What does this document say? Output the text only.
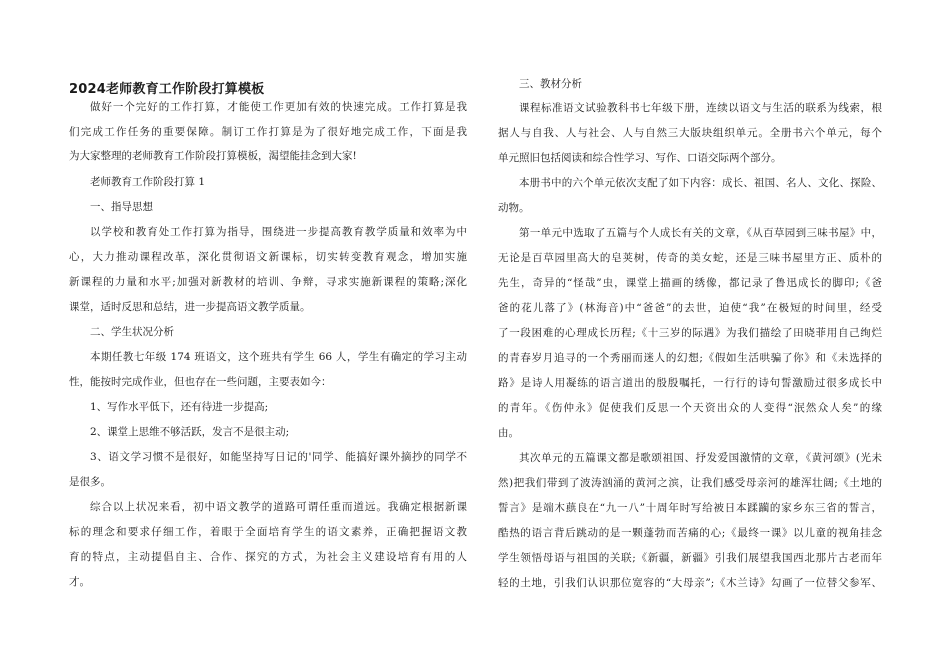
2024老师教育工作阶段打算模板
做好一个完好的工作打算，才能使工作更加有效的快速完成。工作打算是我
们完成工作任务的重要保障。制订工作打算是为了很好地完成工作，下面是我
为大家整理的老师教育工作阶段打算模板，渴望能挂念到大家!
老师教育工作阶段打算 1
一、指导思想
以学校和教育处工作打算为指导，围绕进一步提高教育教学质量和效率为中
心，大力推动课程改革，深化贯彻语文新课标，切实转变教育观念，增加实施
新课程的力量和水平;加强对新教材的培训、争辩，寻求实施新课程的策略;深化
课堂，适时反思和总结，进一步提高语文教学质量。
二、学生状况分析
本期任教七年级 174 班语文，这个班共有学生 66 人，学生有确定的学习主动
性，能按时完成作业，但也存在一些问题，主要表如今：
1、写作水平低下，还有待进一步提高;
2、课堂上思维不够活跃，发言不是很主动;
3、语文学习惯不是很好，如能坚持写日记的'同学、能搞好课外摘抄的同学不
是很多。
综合以上状况来看，初中语文教学的道路可谓任重而道远。我确定根据新课
标的理念和要求仔细工作，着眼于全面培育学生的语文素养，正确把握语文教
育的特点，主动提倡自主、合作、探究的方式，为社会主义建设培育有用的人
才。
三、教材分析
课程标准语文试验教科书七年级下册，连续以语文与生活的联系为线索，根
据人与自我、人与社会、人与自然三大版块组织单元。全册书六个单元，每个
单元照旧包括阅读和综合性学习、写作、口语交际两个部分。
本册书中的六个单元依次支配了如下内容：成长、祖国、名人、文化、探险、
动物。
第一单元中选取了五篇与个人成长有关的文章，《从百草园到三味书屋》中，
无论是百草园里高大的皂荚树，传奇的美女蛇，还是三味书屋里方正、质朴的
先生，奇异的“怪哉”虫，课堂上描画的绣像，都记录了鲁迅成长的脚印;《爸
爸的花儿落了》(林海音)中“爸爸”的去世，迫使“我”在极短的时间里，经受
了一段困难的心理成长历程;《十三岁的际遇》为我们描绘了田晓菲用自己绚烂
的青春岁月追寻的一个秀丽而迷人的幻想;《假如生活哄骗了你》和《未选择的
路》是诗人用凝练的语言道出的殷殷嘱托，一行行的诗句誓激励过很多成长中
的青年。《伤仲永》促使我们反思一个天资出众的人变得“泯然众人矣”的缘
由。
其次单元的五篇课文都是歌颂祖国、抒发爱国激情的文章，《黄河颂》(光未
然)把我们带到了波涛汹涌的黄河之滨，让我们感受母亲河的雄浑壮阔;《土地的
誓言》是端木蕻良在“九一八”十周年时写给被日本蹂躏的家乡东三省的誓言，
酷热的语言背后跳动的是一颗蓬勃而苦痛的心;《最终一课》以儿童的视角挂念
学生领悟母语与祖国的关联;《新疆，新疆》引我们展望我国西北那片古老而年
轻的土地，引我们认识那位宽容的“大母亲”;《木兰诗》勾画了一位替父参军、
